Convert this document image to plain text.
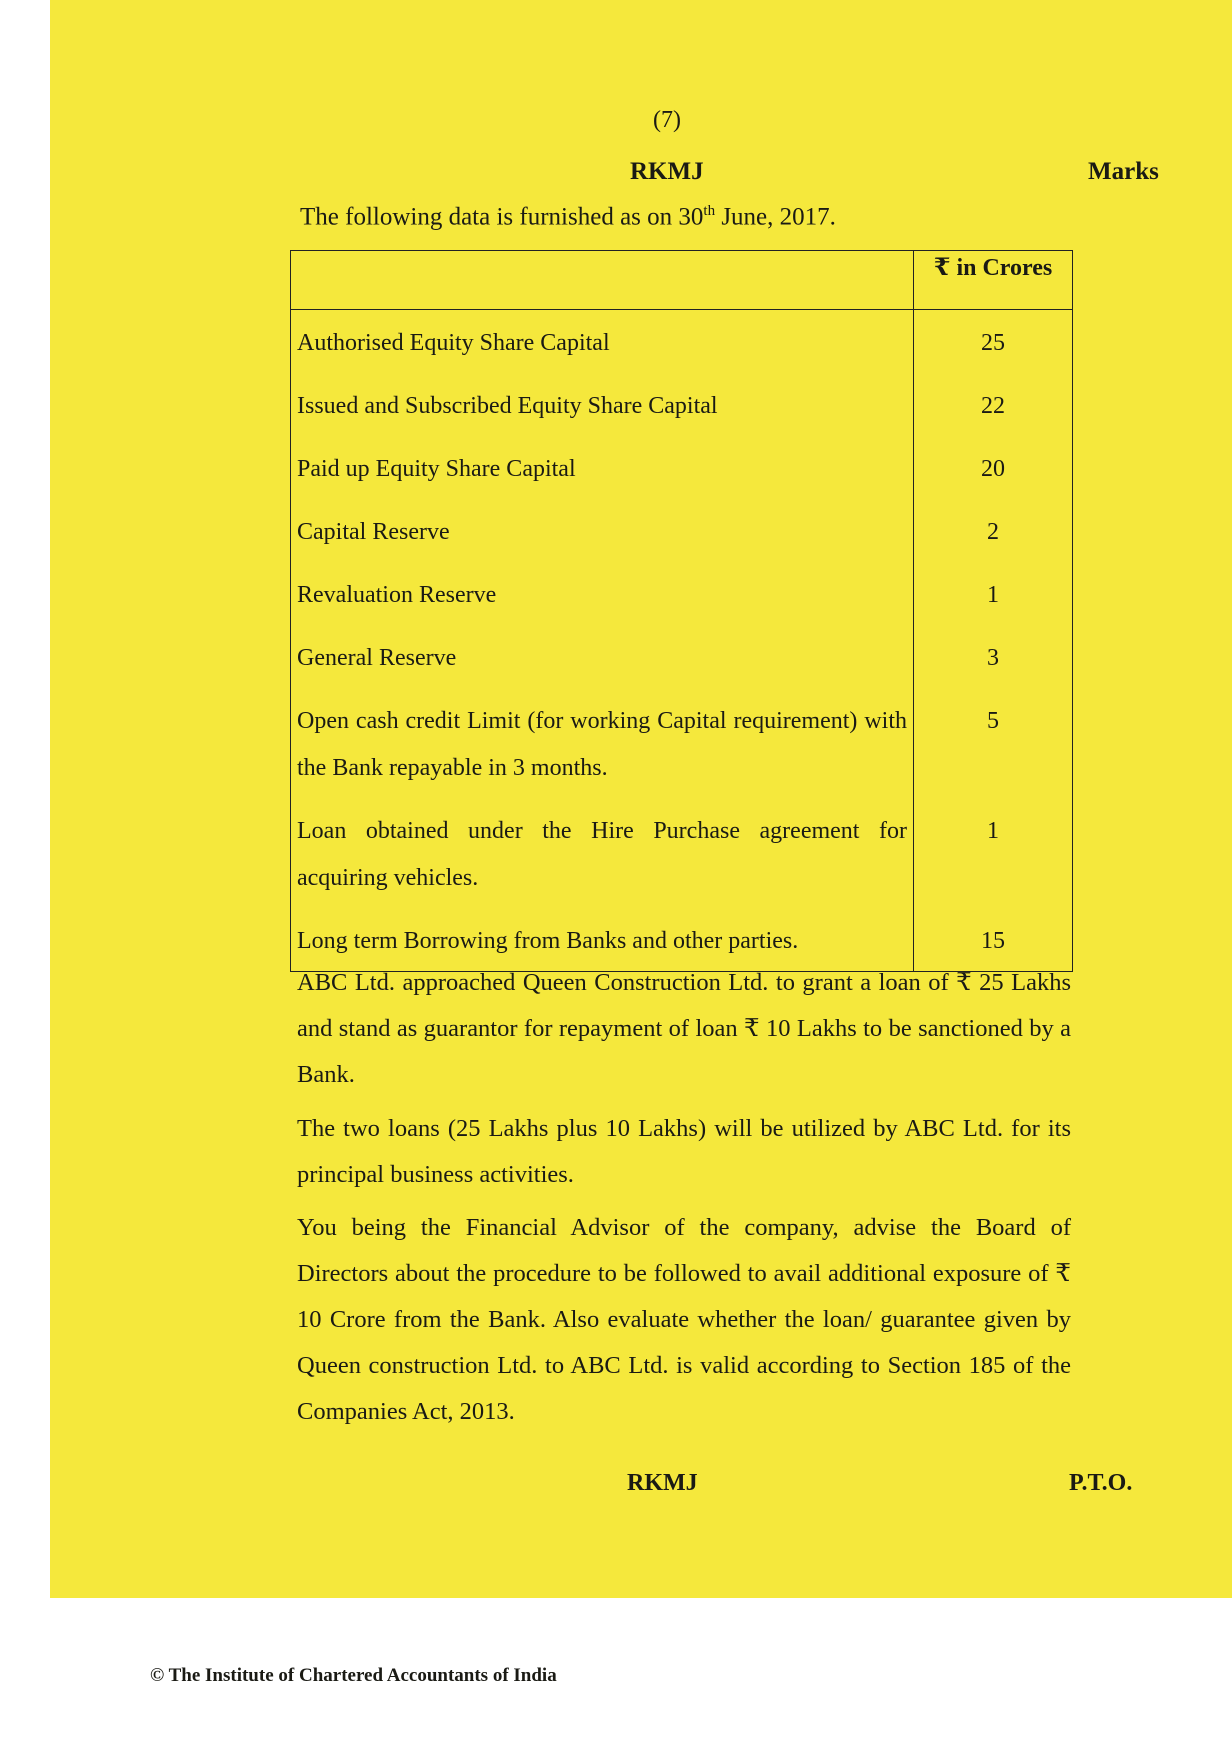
(7)
RKMJ	Marks
The following data is furnished as on 30th June, 2017.
	₹ in Crores
Authorised Equity Share Capital	25
Issued and Subscribed Equity Share Capital	22
Paid up Equity Share Capital	20
Capital Reserve	2
Revaluation Reserve	1
General Reserve	3
Open cash credit Limit (for working Capital requirement) with the Bank repayable in 3 months.	5
Loan obtained under the Hire Purchase agreement for acquiring vehicles.	1
Long term Borrowing from Banks and other parties.	15
ABC Ltd. approached Queen Construction Ltd. to grant a loan of ₹ 25 Lakhs and stand as guarantor for repayment of loan ₹ 10 Lakhs to be sanctioned by a Bank.
The two loans (25 Lakhs plus 10 Lakhs) will be utilized by ABC Ltd. for its principal business activities.
You being the Financial Advisor of the company, advise the Board of Directors about the procedure to be followed to avail additional exposure of ₹ 10 Crore from the Bank. Also evaluate whether the loan/ guarantee given by Queen construction Ltd. to ABC Ltd. is valid according to Section 185 of the Companies Act, 2013.
RKMJ	P.T.O.
© The Institute of Chartered Accountants of India
